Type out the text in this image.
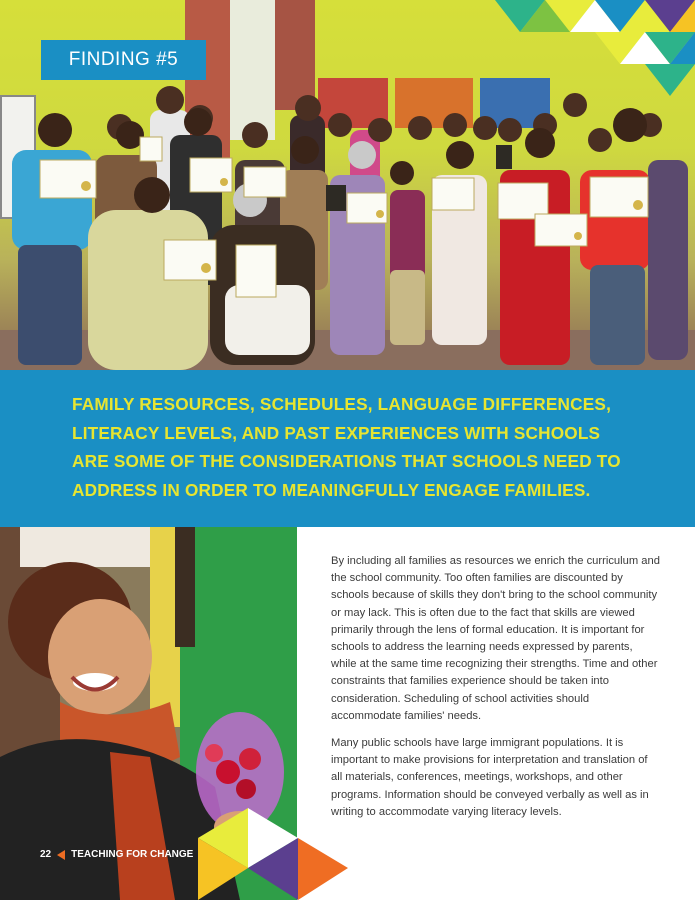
FINDING #5
FAMILY RESOURCES, SCHEDULES, LANGUAGE DIFFERENCES,
LITERACY LEVELS, AND PAST EXPERIENCES WITH SCHOOLS
ARE SOME OF THE CONSIDERATIONS THAT SCHOOLS NEED TO
ADDRESS IN ORDER TO MEANINGFULLY ENGAGE FAMILIES.

By including all families as resources we enrich the curriculum and the school community. Too often families are discounted by schools because of skills they don't bring to the school community or may lack. This is often due to the fact that skills are viewed primarily through the lens of formal education. It is important for schools to address the learning needs expressed by parents, while at the same time recognizing their strengths. Time and other constraints that families experience should be taken into consideration. Scheduling of school activities should accommodate families' needs.

Many public schools have large immigrant populations. It is important to make provisions for interpretation and translation of all materials, conferences, meetings, workshops, and other programs. Information should be conveyed verbally as well as in writing to accommodate varying literacy levels.

22 TEACHING FOR CHANGE
